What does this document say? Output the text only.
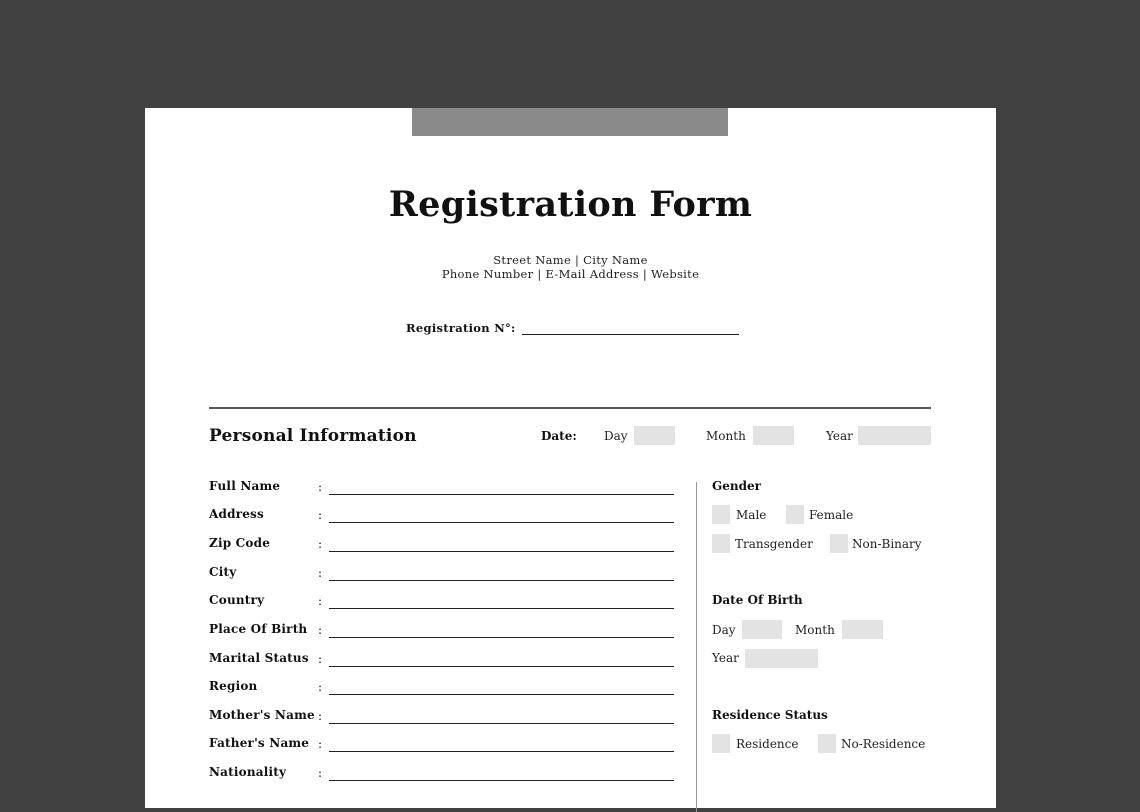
Registration Form
Street Name | City Name
Phone Number | E-Mail Address | Website
Registration N°:
Personal Information	Date: Day	Month	Year
Full Name	:
Address	:
Zip Code	:
City	:
Country	:
Place Of Birth :
Marital Status :
Region	:
Mother's Name :
Father's Name :
Nationality	:
Gender
Male	Female
Transgender	Non-Binary
Date Of Birth
Day	Month
Year
Residence Status
Residence	No-Residence
